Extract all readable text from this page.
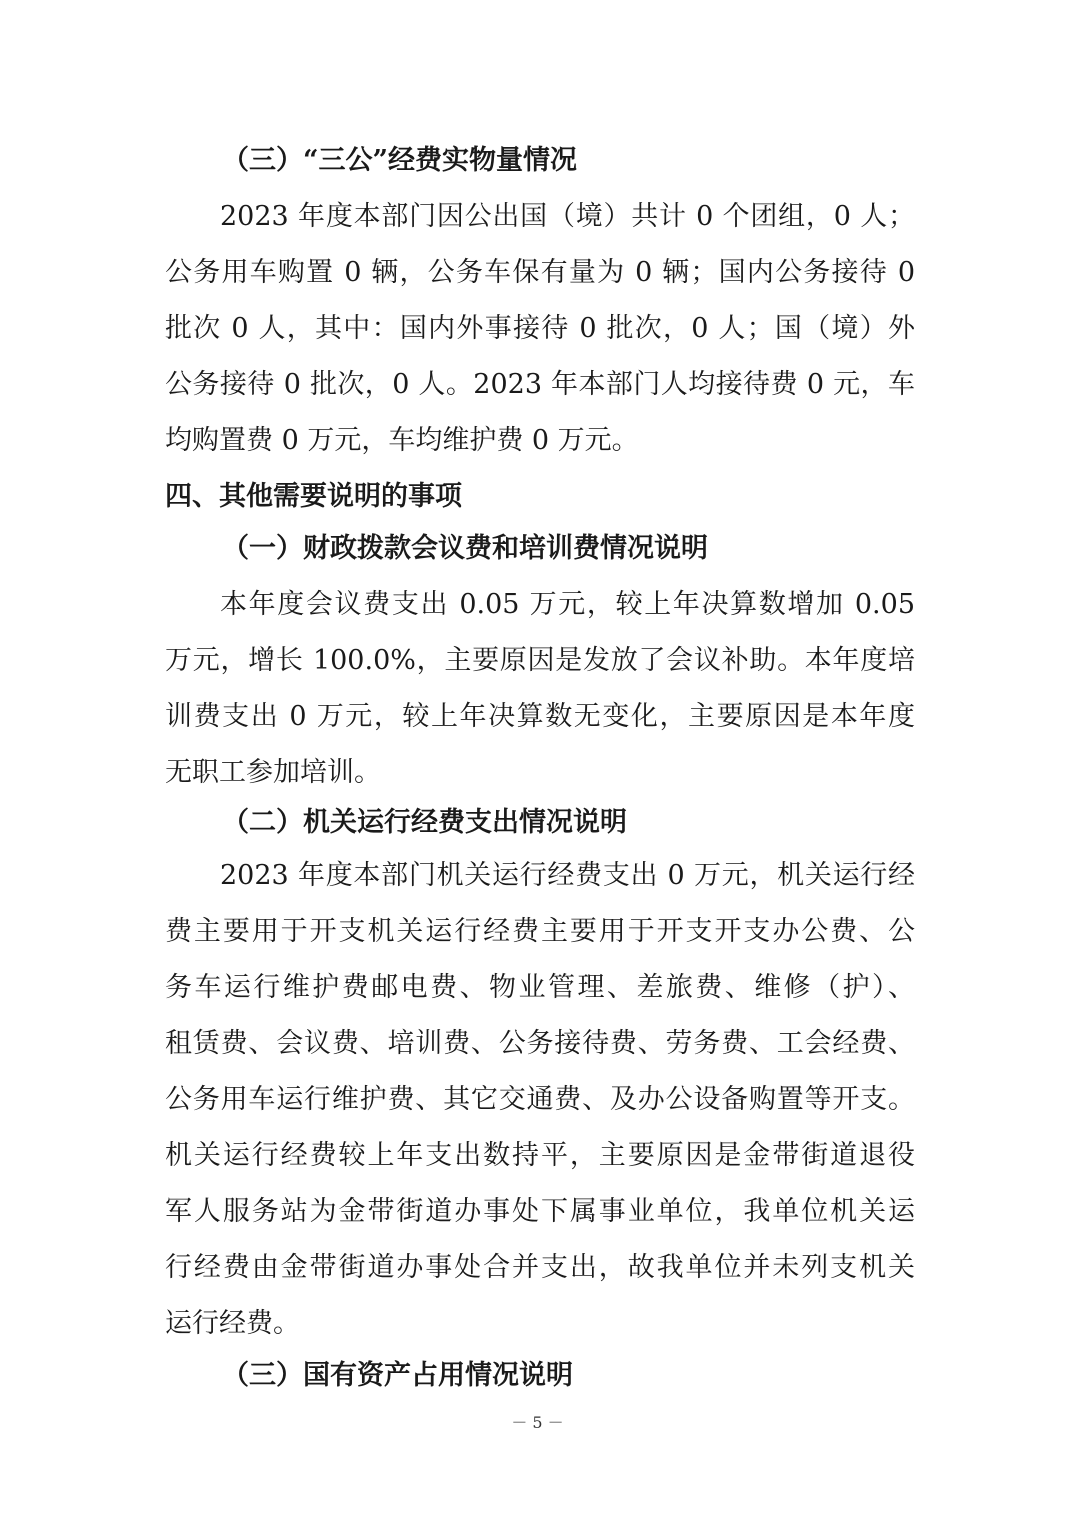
（三）“三公”经费实物量情况
2023 年度本部门因公出国（境）共计 0 个团组，0 人；
公务用车购置 0 辆，公务车保有量为 0 辆；国内公务接待 0
批次 0 人，其中：国内外事接待 0 批次，0 人；国（境）外
公务接待 0 批次，0 人。2023 年本部门人均接待费 0 元，车
均购置费 0 万元，车均维护费 0 万元。
四、其他需要说明的事项
（一）财政拨款会议费和培训费情况说明
本年度会议费支出 0.05 万元，较上年决算数增加 0.05
万元，增长 100.0%，主要原因是发放了会议补助。本年度培
训费支出 0 万元，较上年决算数无变化，主要原因是本年度
无职工参加培训。
（二）机关运行经费支出情况说明
2023 年度本部门机关运行经费支出 0 万元，机关运行经
费主要用于开支机关运行经费主要用于开支开支办公费、公
务车运行维护费邮电费、物业管理、差旅费、维修（护）、
租赁费、会议费、培训费、公务接待费、劳务费、工会经费、
公务用车运行维护费、其它交通费、及办公设备购置等开支。
机关运行经费较上年支出数持平，主要原因是金带街道退役
军人服务站为金带街道办事处下属事业单位，我单位机关运
行经费由金带街道办事处合并支出，故我单位并未列支机关
运行经费。
（三）国有资产占用情况说明
－ 5 －
